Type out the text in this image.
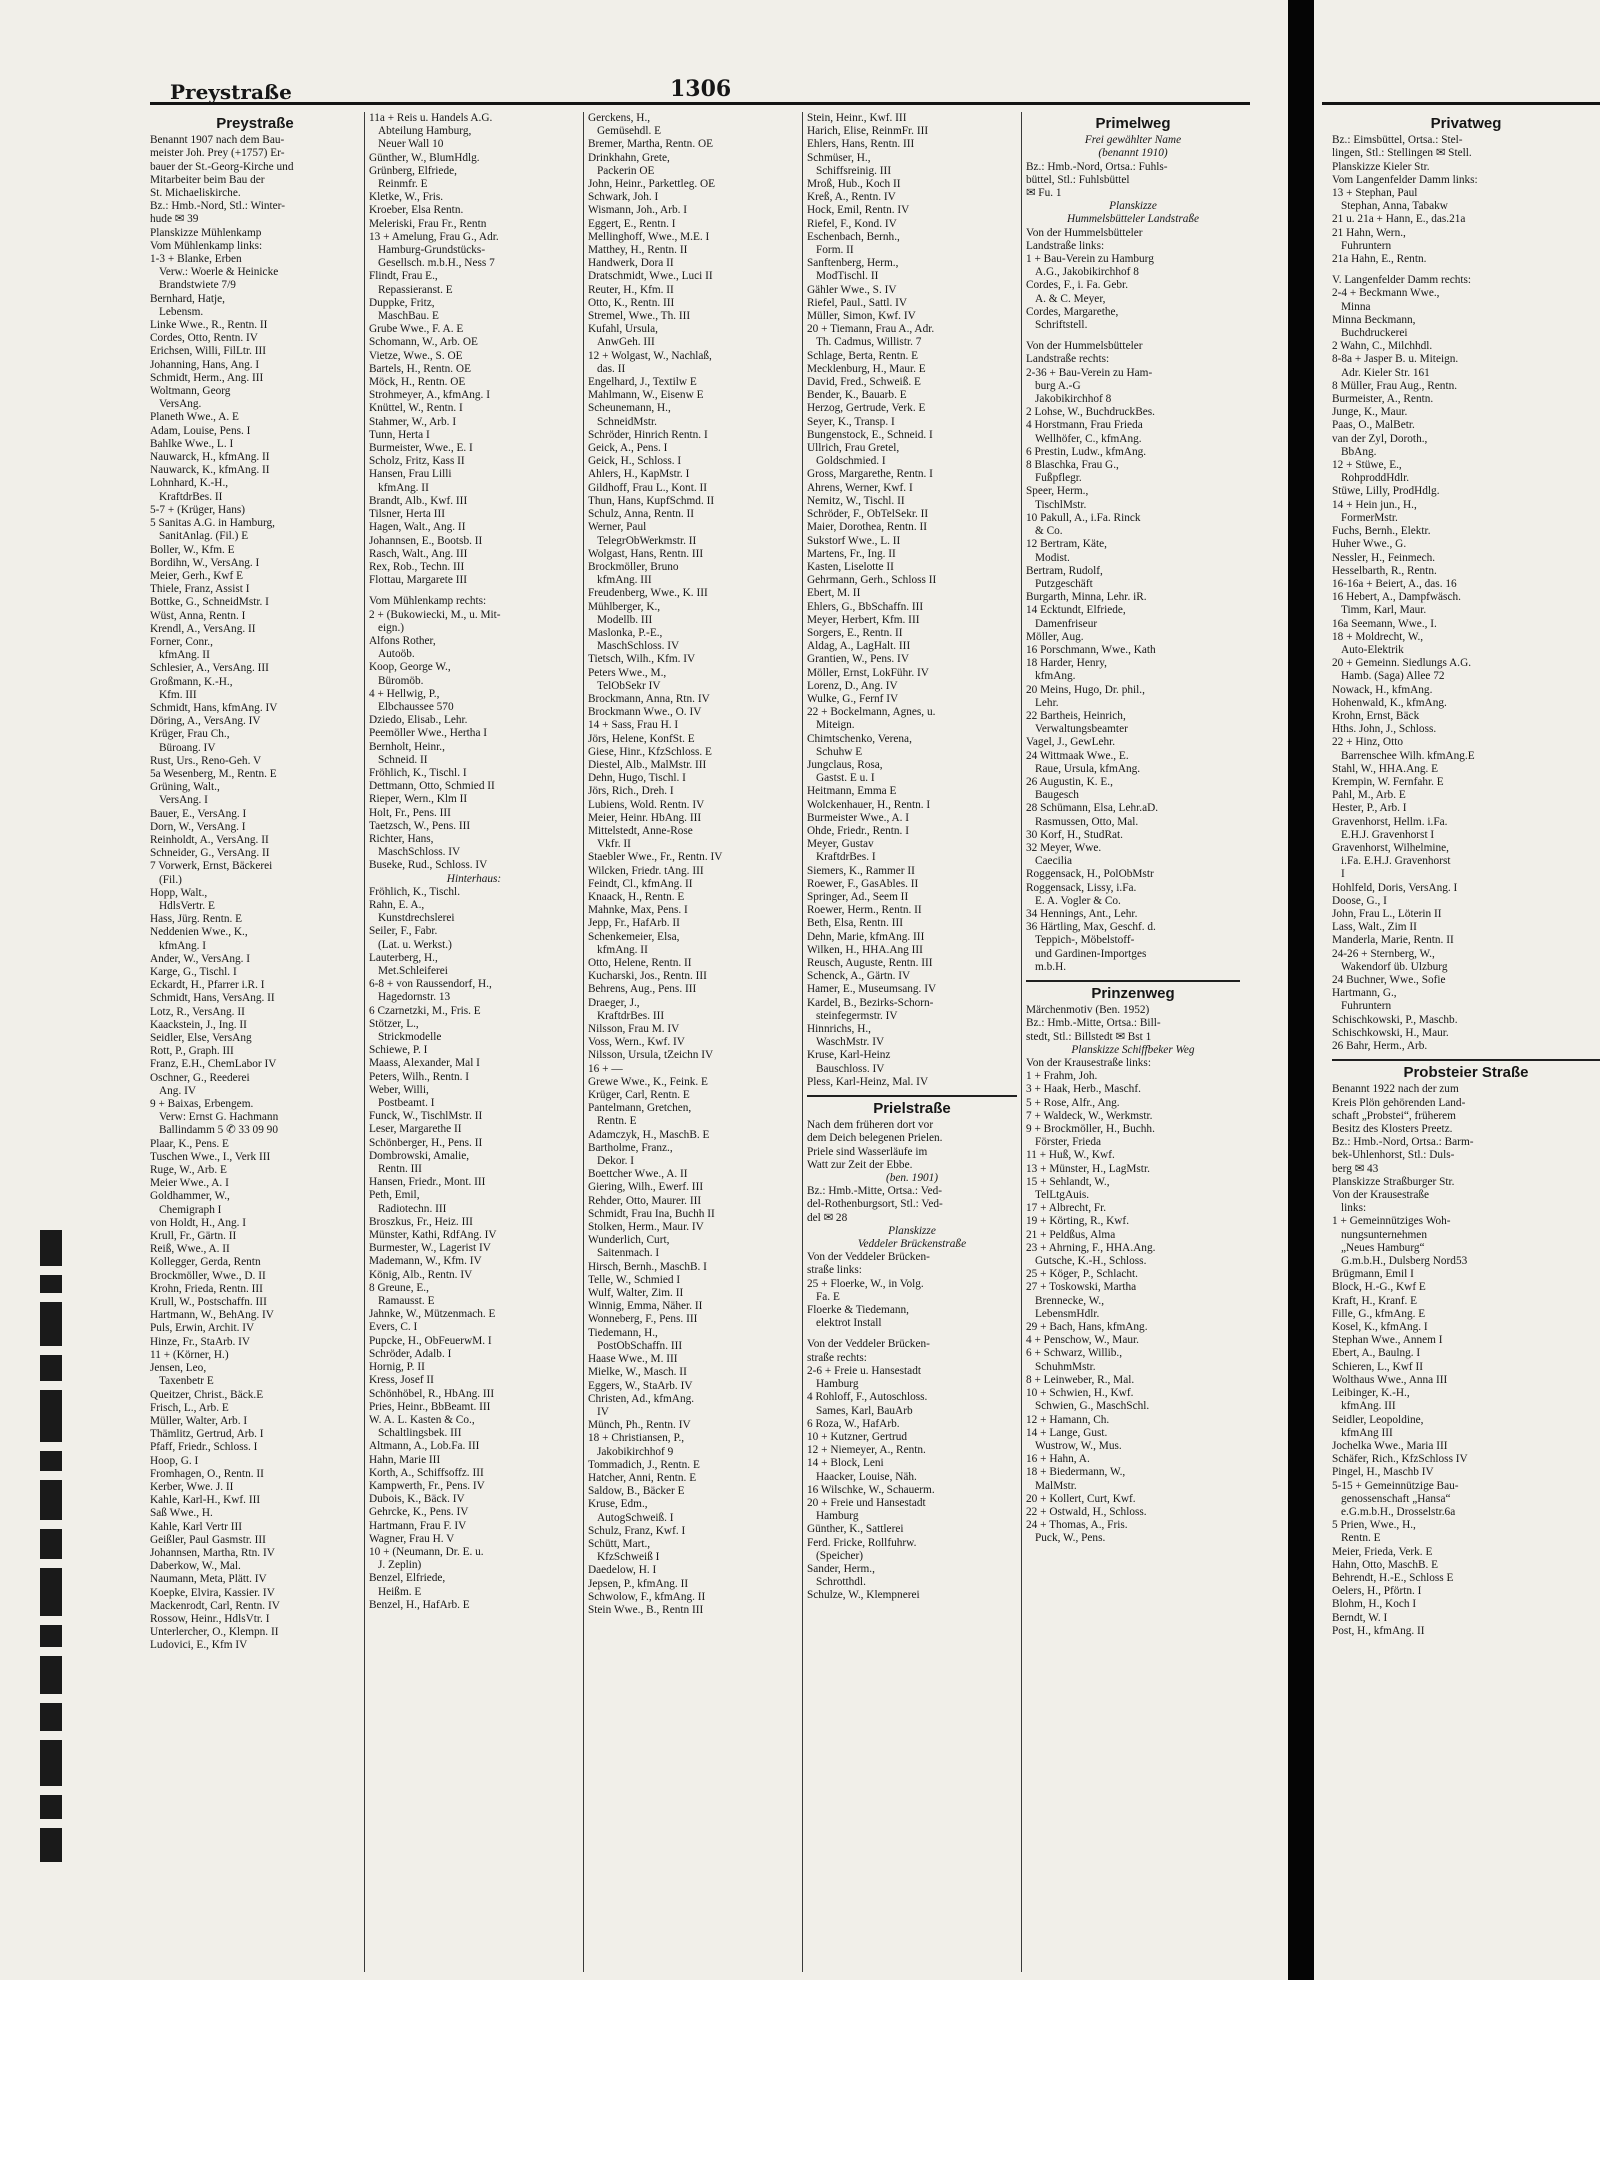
Preystraße	1306
Preystraße
Benannt 1907 nach dem Bau-
meister Joh. Prey (+1757) Er-
bauer der St.-Georg-Kirche und
Mitarbeiter beim Bau der
St. Michaeliskirche.
Bz.: Hmb.-Nord, Stl.: Winter-
hude ✉ 39
Planskizze Mühlenkamp
Vom Mühlenkamp links:
1-3 + Blanke, Erben
Verw.: Woerle & Heinicke
Brandstwiete 7/9
Bernhard, Hatje,
Lebensm.
Linke Wwe., R., Rentn. II
Cordes, Otto, Rentn. IV
Erichsen, Willi, FilLtr. III
Johanning, Hans, Ang. I
Schmidt, Herm., Ang. III
Woltmann, Georg
VersAng.
Planeth Wwe., A. E
Adam, Louise, Pens. I
Bahlke Wwe., L. I
Nauwarck, H., kfmAng. II
Nauwarck, K., kfmAng. II
Lohnhard, K.-H.,
KraftdrBes. II
5-7 + (Krüger, Hans)
5 Sanitas A.G. in Hamburg,
SanitAnlag. (Fil.) E
Boller, W., Kfm. E
Bordihn, W., VersAng. I
Meier, Gerh., Kwf E
Thiele, Franz, Assist I
Bottke, G., SchneidMstr. I
Wüst, Anna, Rentn. I
Krendl, A., VersAng. II
Forner, Conr.,
kfmAng. II
Schlesier, A., VersAng. III
Großmann, K.-H.,
Kfm. III
Schmidt, Hans, kfmAng. IV
Döring, A., VersAng. IV
Krüger, Frau Ch.,
Büroang. IV
Rust, Urs., Reno-Geh. V
5a Wesenberg, M., Rentn. E
Grüning, Walt.,
VersAng. I
Bauer, E., VersAng. I
Dorn, W., VersAng. I
Reinholdt, A., VersAng. II
Schneider, G., VersAng. II
7 Vorwerk, Ernst, Bäckerei
(Fil.)
Hopp, Walt.,
HdlsVertr. E
Hass, Jürg. Rentn. E
Neddenien Wwe., K.,
kfmAng. I
Ander, W., VersAng. I
Karge, G., Tischl. I
Eckardt, H., Pfarrer i.R. I
Schmidt, Hans, VersAng. II
Lotz, R., VersAng. II
Kaackstein, J., Ing. II
Seidler, Else, VersAng
Rott, P., Graph. III
Franz, E.H., ChemLabor IV
Oschner, G., Reederei
Ang. IV
9 + Baixas, Erbengem.
Verw: Ernst G. Hachmann
Ballindamm 5 ✆ 33 09 90
Plaar, K., Pens. E
Tuschen Wwe., I., Verk III
Ruge, W., Arb. E
Meier Wwe., A. I
Goldhammer, W.,
Chemigraph I
von Holdt, H., Ang. I
Krull, Fr., Gärtn. II
Reiß, Wwe., A. II
Kollegger, Gerda, Rentn
Brockmöller, Wwe., D. II
Krohn, Frieda, Rentn. III
Krull, W., Postschaffn. III
Hartmann, W., BehAng. IV
Puls, Erwin, Archit. IV
Hinze, Fr., StaArb. IV
11 + (Körner, H.)
Jensen, Leo,
Taxenbetr E
Queitzer, Christ., Bäck.E
Frisch, L., Arb. E
Müller, Walter, Arb. I
Thämlitz, Gertrud, Arb. I
Pfaff, Friedr., Schloss. I
Hoop, G. I
Fromhagen, O., Rentn. II
Kerber, Wwe. J. II
Kahle, Karl-H., Kwf. III
Saß Wwe., H.
Kahle, Karl Vertr III
Geißler, Paul Gasmstr. III
Johannsen, Martha, Rtn. IV
Daberkow, W., Mal.
Naumann, Meta, Plätt. IV
Koepke, Elvira, Kassier. IV
Mackenrodt, Carl, Rentn. IV
Rossow, Heinr., HdlsVtr. I
Unterlercher, O., Klempn. II
Ludovici, E., Kfm IV
11a + Reis u. Handels A.G.
Abteilung Hamburg,
Neuer Wall 10
Günther, W., BlumHdlg.
Grünberg, Elfriede,
Reinmfr. E
Kletke, W., Fris.
Kroeber, Elsa Rentn.
Meleriski, Frau Fr., Rentn
13 + Amelung, Frau G., Adr.
Hamburg-Grundstücks-
Gesellsch. m.b.H., Ness 7
Flindt, Frau E.,
Repassieranst. E
Duppke, Fritz,
MaschBau. E
Grube Wwe., F. A. E
Schomann, W., Arb. OE
Vietze, Wwe., S. OE
Bartels, H., Rentn. OE
Möck, H., Rentn. OE
Strohmeyer, A., kfmAng. I
Knüttel, W., Rentn. I
Stahmer, W., Arb. I
Tunn, Herta I
Burmeister, Wwe., E. I
Scholz, Fritz, Kass II
Hansen, Frau Lilli
kfmAng. II
Brandt, Alb., Kwf. III
Tilsner, Herta III
Hagen, Walt., Ang. II
Johannsen, E., Bootsb. II
Rasch, Walt., Ang. III
Rex, Rob., Techn. III
Flottau, Margarete III
Vom Mühlenkamp rechts:
2 + (Bukowiecki, M., u. Mit-
eign.)
Alfons Rother,
Autoöb.
Koop, George W.,
Büromöb.
4 + Hellwig, P.,
Elbchaussee 570
Dziedo, Elisab., Lehr.
Peemöller Wwe., Hertha I
Bernholt, Heinr.,
Schneid. II
Fröhlich, K., Tischl. I
Dettmann, Otto, Schmied II
Rieper, Wern., Klm II
Holt, Fr., Pens. III
Taetzsch, W., Pens. III
Richter, Hans,
MaschSchloss. IV
Buseke, Rud., Schloss. IV
Hinterhaus:
Fröhlich, K., Tischl.
Rahn, E. A.,
Kunstdrechslerei
Seiler, F., Fabr.
(Lat. u. Werkst.)
Lauterberg, H.,
Met.Schleiferei
6-8 + von Raussendorf, H.,
Hagedornstr. 13
6 Czarnetzki, M., Fris. E
Stötzer, L.,
Strickmodelle
Schiewe, P. I
Maass, Alexander, Mal I
Peters, Wilh., Rentn. I
Weber, Willi,
Postbeamt. I
Funck, W., TischlMstr. II
Leser, Margarethe II
Schönberger, H., Pens. II
Dombrowski, Amalie,
Rentn. III
Hansen, Friedr., Mont. III
Peth, Emil,
Radiotechn. III
Broszkus, Fr., Heiz. III
Münster, Kathi, RdfAng. IV
Burmester, W., Lagerist IV
Mademann, W., Kfm. IV
König, Alb., Rentn. IV
8 Greune, E.,
Ramausst. E
Jahnke, W., Mützenmach. E
Evers, C. I
Pupcke, H., ObFeuerwM. I
Schröder, Adalb. I
Hornig, P. II
Kress, Josef II
Schönhöbel, R., HbAng. III
Pries, Heinr., BbBeamt. III
W. A. L. Kasten & Co.,
Schaltlingsbek. III
Altmann, A., Lob.Fa. III
Hahn, Marie III
Korth, A., Schiffsoffz. III
Kampwerth, Fr., Pens. IV
Dubois, K., Bäck. IV
Gehrcke, K., Pens. IV
Hartmann, Frau F. IV
Wagner, Frau H. V
10 + (Neumann, Dr. E. u.
J. Zeplin)
Benzel, Elfriede,
Heißm. E
Benzel, H., HafArb. E
Gerckens, H.,
Gemüsehdl. E
Bremer, Martha, Rentn. OE
Drinkhahn, Grete,
Packerin OE
John, Heinr., Parkettleg. OE
Schwark, Joh. I
Wismann, Joh., Arb. I
Eggert, E., Rentn. I
Mellinghoff, Wwe., M.E. I
Matthey, H., Rentn. II
Handwerk, Dora II
Dratschmidt, Wwe., Luci II
Reuter, H., Kfm. II
Otto, K., Rentn. III
Stremel, Wwe., Th. III
Kufahl, Ursula,
AnwGeh. III
12 + Wolgast, W., Nachlaß,
das. II
Engelhard, J., Textilw E
Mahlmann, W., Eisenw E
Scheunemann, H.,
SchneidMstr.
Schröder, Hinrich Rentn. I
Geick, A., Pens. I
Geick, H., Schloss. I
Ahlers, H., KapMstr. I
Gildhoff, Frau L., Kont. II
Thun, Hans, KupfSchmd. II
Schulz, Anna, Rentn. II
Werner, Paul
TelegrObWerkmstr. II
Wolgast, Hans, Rentn. III
Brockmöller, Bruno
kfmAng. III
Freudenberg, Wwe., K. III
Mühlberger, K.,
Modellb. III
Maslonka, P.-E.,
MaschSchloss. IV
Tietsch, Wilh., Kfm. IV
Peters Wwe., M.,
TelObSekr IV
Brockmann, Anna, Rtn. IV
Brockmann Wwe., O. IV
14 + Sass, Frau H. I
Jörs, Helene, KonfSt. E
Giese, Hinr., KfzSchloss. E
Diestel, Alb., MalMstr. III
Dehn, Hugo, Tischl. I
Jörs, Rich., Dreh. I
Lubiens, Wold. Rentn. IV
Meier, Heinr. HbAng. III
Mittelstedt, Anne-Rose
Vkfr. II
Staebler Wwe., Fr., Rentn. IV
Wilcken, Friedr. tAng. III
Feindt, Cl., kfmAng. II
Knaack, H., Rentn. E
Mahnke, Max, Pens. I
Jepp, Fr., HafArb. II
Schenkemeier, Elsa,
kfmAng. II
Otto, Helene, Rentn. II
Kucharski, Jos., Rentn. III
Behrens, Aug., Pens. III
Draeger, J.,
KraftdrBes. III
Nilsson, Frau M. IV
Voss, Wern., Kwf. IV
Nilsson, Ursula, tZeichn IV
16 + —
Grewe Wwe., K., Feink. E
Krüger, Carl, Rentn. E
Pantelmann, Gretchen,
Rentn. E
Adamczyk, H., MaschB. E
Bartholme, Franz.,
Dekor. I
Boettcher Wwe., A. II
Giering, Wilh., Ewerf. III
Rehder, Otto, Maurer. III
Schmidt, Frau Ina, Buchh II
Stolken, Herm., Maur. IV
Wunderlich, Curt,
Saitenmach. I
Hirsch, Bernh., MaschB. I
Telle, W., Schmied I
Wulf, Walter, Zim. II
Winnig, Emma, Näher. II
Wonneberg, F., Pens. III
Tiedemann, H.,
PostObSchaffn. III
Haase Wwe., M. III
Mielke, W., Masch. II
Eggers, W., StaArb. IV
Christen, Ad., kfmAng.
IV
Münch, Ph., Rentn. IV
18 + Christiansen, P.,
Jakobikirchhof 9
Tommadich, J., Rentn. E
Hatcher, Anni, Rentn. E
Saldow, B., Bäcker E
Kruse, Edm.,
AutogSchweiß. I
Schulz, Franz, Kwf. I
Schütt, Mart.,
KfzSchweiß I
Daedelow, H. I
Jepsen, P., kfmAng. II
Schwolow, F., kfmAng. II
Stein Wwe., B., Rentn III
Stein, Heinr., Kwf. III
Harich, Elise, ReinmFr. III
Ehlers, Hans, Rentn. III
Schmüser, H.,
Schiffsreinig. III
Mroß, Hub., Koch II
Kreß, A., Rentn. IV
Hock, Emil, Rentn. IV
Riefel, F., Kond. IV
Eschenbach, Bernh.,
Form. II
Sanftenberg, Herm.,
ModTischl. II
Gähler Wwe., S. IV
Riefel, Paul., Sattl. IV
Müller, Simon, Kwf. IV
20 + Tiemann, Frau A., Adr.
Th. Cadmus, Willistr. 7
Schlage, Berta, Rentn. E
Mecklenburg, H., Maur. E
David, Fred., Schweiß. E
Bender, K., Bauarb. E
Herzog, Gertrude, Verk. E
Seyer, K., Transp. I
Bungenstock, E., Schneid. I
Ullrich, Frau Gretel,
Goldschmied. I
Gross, Margarethe, Rentn. I
Ahrens, Werner, Kwf. I
Nemitz, W., Tischl. II
Schröder, F., ObTelSekr. II
Maier, Dorothea, Rentn. II
Sukstorf Wwe., L. II
Martens, Fr., Ing. II
Kasten, Liselotte II
Gehrmann, Gerh., Schloss II
Ebert, M. II
Ehlers, G., BbSchaffn. III
Meyer, Herbert, Kfm. III
Sorgers, E., Rentn. II
Aldag, A., LagHalt. III
Grantien, W., Pens. IV
Möller, Ernst, LokFühr. IV
Lorenz, D., Ang. IV
Wulke, G., Fernf IV
22 + Bockelmann, Agnes, u.
Miteign.
Chimtschenko, Verena,
Schuhw E
Jungclaus, Rosa,
Gastst. E u. I
Heitmann, Emma E
Wolckenhauer, H., Rentn. I
Burmeister Wwe., A. I
Ohde, Friedr., Rentn. I
Meyer, Gustav
KraftdrBes. I
Siemers, K., Rammer II
Roewer, F., GasAbles. II
Springer, Ad., Seem II
Roewer, Herm., Rentn. II
Beth, Elsa, Rentn. III
Dehn, Marie, kfmAng. III
Wilken, H., HHA.Ang III
Reusch, Auguste, Rentn. III
Schenck, A., Gärtn. IV
Hamer, E., Museumsang. IV
Kardel, B., Bezirks-Schorn-
steinfegermstr. IV
Hinnrichs, H.,
WaschMstr. IV
Kruse, Karl-Heinz
Bauschloss. IV
Pless, Karl-Heinz, Mal. IV
Prielstraße
Nach dem früheren dort vor
dem Deich belegenen Prielen.
Priele sind Wasserläufe im
Watt zur Zeit der Ebbe.
(ben. 1901)
Bz.: Hmb.-Mitte, Ortsa.: Ved-
del-Rothenburgsort, Stl.: Ved-
del ✉ 28
Planskizze
Veddeler Brückenstraße
Von der Veddeler Brücken-
straße links:
25 + Floerke, W., in Volg.
Fa. E
Floerke & Tiedemann,
elektrot Install
Von der Veddeler Brücken-
straße rechts:
2-6 + Freie u. Hansestadt
Hamburg
4 Rohloff, F., Autoschloss.
Sames, Karl, BauArb
6 Roza, W., HafArb.
10 + Kutzner, Gertrud
12 + Niemeyer, A., Rentn.
14 + Block, Leni
Haacker, Louise, Näh.
16 Wilschke, W., Schauerm.
20 + Freie und Hansestadt
Hamburg
Günther, K., Sattlerei
Ferd. Fricke, Rollfuhrw.
(Speicher)
Sander, Herm.,
Schrotthdl.
Schulze, W., Klempnerei
Primelweg
Frei gewählter Name
(benannt 1910)
Bz.: Hmb.-Nord, Ortsa.: Fuhls-
büttel, Stl.: Fuhlsbüttel
✉ Fu. 1
Planskizze
Hummelsbütteler Landstraße
Von der Hummelsbütteler
Landstraße links:
1 + Bau-Verein zu Hamburg
A.G., Jakobikirchhof 8
Cordes, F., i. Fa. Gebr.
A. & C. Meyer,
Cordes, Margarethe,
Schriftstell.
Von der Hummelsbütteler
Landstraße rechts:
2-36 + Bau-Verein zu Ham-
burg A.-G
Jakobikirchhof 8
2 Lohse, W., BuchdruckBes.
4 Horstmann, Frau Frieda
Wellhöfer, C., kfmAng.
6 Prestin, Ludw., kfmAng.
8 Blaschka, Frau G.,
Fußpflegr.
Speer, Herm.,
TischlMstr.
10 Pakull, A., i.Fa. Rinck
& Co.
12 Bertram, Käte,
Modist.
Bertram, Rudolf,
Putzgeschäft
Burgarth, Minna, Lehr. iR.
14 Ecktundt, Elfriede,
Damenfriseur
Möller, Aug.
16 Porschmann, Wwe., Kath
18 Harder, Henry,
kfmAng.
20 Meins, Hugo, Dr. phil.,
Lehr.
22 Bartheis, Heinrich,
Verwaltungsbeamter
Vagel, J., GewLehr.
24 Wittmaak Wwe., E.
Raue, Ursula, kfmAng.
26 Augustin, K. E.,
Baugesch
28 Schümann, Elsa, Lehr.aD.
Rasmussen, Otto, Mal.
30 Korf, H., StudRat.
32 Meyer, Wwe.
Caecilia
Roggensack, H., PolObMstr
Roggensack, Lissy, i.Fa.
E. A. Vogler & Co.
34 Hennings, Ant., Lehr.
36 Härtling, Max, Geschf. d.
Teppich-, Möbelstoff-
und Gardinen-Importges
m.b.H.
Prinzenweg
Märchenmotiv (Ben. 1952)
Bz.: Hmb.-Mitte, Ortsa.: Bill-
stedt, Stl.: Billstedt ✉ Bst 1
Planskizze Schiffbeker Weg
Von der Krausestraße links:
1 + Frahm, Joh.
3 + Haak, Herb., Maschf.
5 + Rose, Alfr., Ang.
7 + Waldeck, W., Werkmstr.
9 + Brockmöller, H., Buchh.
Förster, Frieda
11 + Huß, W., Kwf.
13 + Münster, H., LagMstr.
15 + Sehlandt, W.,
TelLtgAuis.
17 + Albrecht, Fr.
19 + Körting, R., Kwf.
21 + Peldßus, Alma
23 + Ahrning, F., HHA.Ang.
Gutsche, K.-H., Schloss.
25 + Köger, P., Schlacht.
27 + Toskowski, Martha
Brennecke, W.,
LebensmHdlr.
29 + Bach, Hans, kfmAng.
4 + Penschow, W., Maur.
6 + Schwarz, Willib.,
SchuhmMstr.
8 + Leinweber, R., Mal.
10 + Schwien, H., Kwf.
Schwien, G., MaschSchl.
12 + Hamann, Ch.
14 + Lange, Gust.
Wustrow, W., Mus.
16 + Hahn, A.
18 + Biedermann, W.,
MalMstr.
20 + Kollert, Curt, Kwf.
22 + Ostwald, H., Schloss.
24 + Thomas, A., Fris.
Puck, W., Pens.
Privatweg
Bz.: Eimsbüttel, Ortsa.: Stel-
lingen, Stl.: Stellingen ✉ Stell.
Planskizze Kieler Str.
Vom Langenfelder Damm links:
13 + Stephan, Paul
Stephan, Anna, Tabakw
21 u. 21a + Hann, E., das.21a
21 Hahn, Wern.,
Fuhruntern
21a Hahn, E., Rentn.
V. Langenfelder Damm rechts:
2-4 + Beckmann Wwe.,
Minna
Minna Beckmann,
Buchdruckerei
2 Wahn, C., Milchhdl.
8-8a + Jasper B. u. Miteign.
Adr. Kieler Str. 161
8 Müller, Frau Aug., Rentn.
Burmeister, A., Rentn.
Junge, K., Maur.
Paas, O., MalBetr.
van der Zyl, Doroth.,
BbAng.
12 + Stüwe, E.,
RohproddHdlr.
Stüwe, Lilly, ProdHdlg.
14 + Hein jun., H.,
FormerMstr.
Fuchs, Bernh., Elektr.
Huher Wwe., G.
Nessler, H., Feinmech.
Hesselbarth, R., Rentn.
16-16a + Beiert, A., das. 16
16 Hebert, A., Dampfwäsch.
Timm, Karl, Maur.
16a Seemann, Wwe., I.
18 + Moldrecht, W.,
Auto-Elektrik
20 + Gemeinn. Siedlungs A.G.
Hamb. (Saga) Allee 72
Nowack, H., kfmAng.
Hohenwald, K., kfmAng.
Krohn, Ernst, Bäck
Hths. John, J., Schloss.
22 + Hinz, Otto
Barrenschee Wilh. kfmAng.E
Stahl, W., HHA.Ang. E
Krempin, W. Fernfahr. E
Pahl, M., Arb. E
Hester, P., Arb. I
Gravenhorst, Hellm. i.Fa.
E.H.J. Gravenhorst I
Gravenhorst, Wilhelmine,
i.Fa. E.H.J. Gravenhorst
I
Hohlfeld, Doris, VersAng. I
Doose, G., I
John, Frau L., Löterin II
Lass, Walt., Zim II
Manderla, Marie, Rentn. II
24-26 + Sternberg, W.,
Wakendorf üb. Ulzburg
24 Buchner, Wwe., Sofie
Hartmann, G.,
Fuhruntern
Schischkowski, P., Maschb.
Schischkowski, H., Maur.
26 Bahr, Herm., Arb.
Probsteier Straße
Benannt 1922 nach der zum
Kreis Plön gehörenden Land-
schaft „Probstei“, früherem
Besitz des Klosters Preetz.
Bz.: Hmb.-Nord, Ortsa.: Barm-
bek-Uhlenhorst, Stl.: Duls-
berg ✉ 43
Planskizze Straßburger Str.
Von der Krausestraße
links:
1 + Gemeinnütziges Woh-
nungsunternehmen
„Neues Hamburg“
G.m.b.H., Dulsberg Nord53
Brügmann, Emil I
Block, H.-G., Kwf E
Kraft, H., Kranf. E
Fille, G., kfmAng. E
Kosel, K., kfmAng. I
Stephan Wwe., Annem I
Ebert, A., Baulng. I
Schieren, L., Kwf II
Wolthaus Wwe., Anna III
Leibinger, K.-H.,
kfmAng. III
Seidler, Leopoldine,
kfmAng III
Jochelka Wwe., Maria III
Schäfer, Rich., KfzSchloss IV
Pingel, H., Maschb IV
5-15 + Gemeinnützige Bau-
genossenschaft „Hansa“
e.G.m.b.H., Drosselstr.6a
5 Prien, Wwe., H.,
Rentn. E
Meier, Frieda, Verk. E
Hahn, Otto, MaschB. E
Behrendt, H.-E., Schloss E
Oelers, H., Pförtn. I
Blohm, H., Koch I
Berndt, W. I
Post, H., kfmAng. II
